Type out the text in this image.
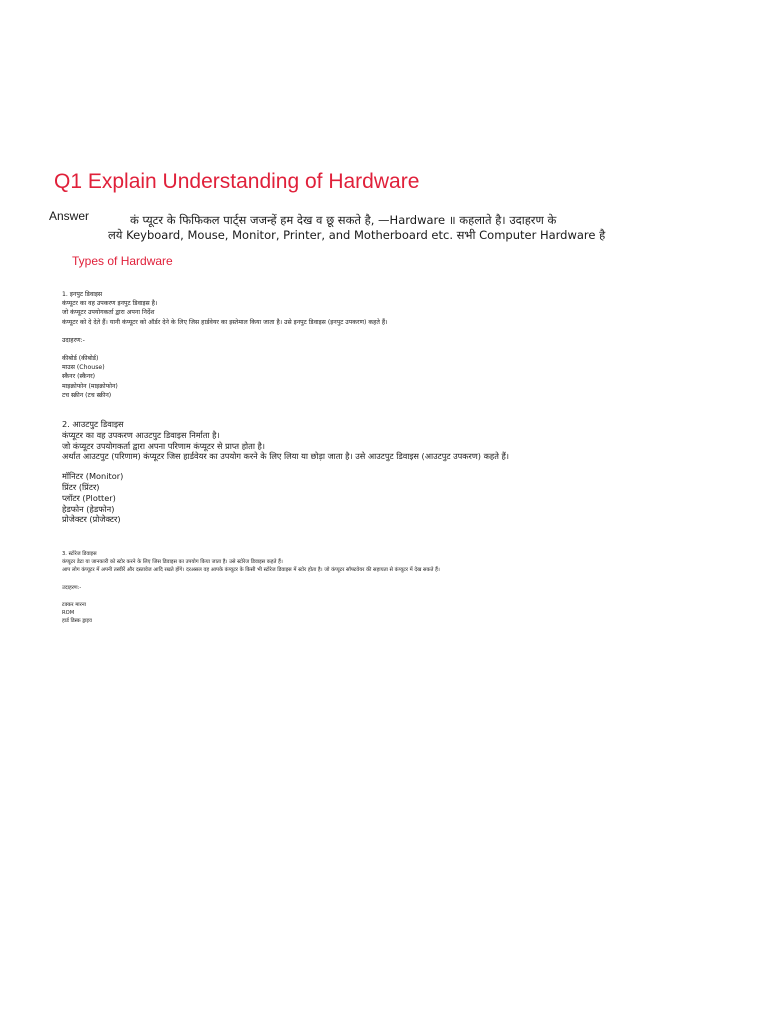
Q1 Explain Understanding of Hardware
Answer	कं प्यूटर के फिफिकल पार्ट्स जजन्हें हम देख व छू सकते है, —Hardware ॥ कहलाते है। उदाहरण के
लये Keyboard, Mouse, Monitor, Printer, and Motherboard etc. सभी Computer Hardware है
Types of Hardware
1. इनपुट डिवाइस
कंप्यूटर का वह उपकरण इनपुट डिवाइस है।
जो कंप्यूटर उपयोगकर्ता द्वारा अपना निर्देश
कंप्यूटर को दे देते हैं। यानी कंप्यूटर को ऑर्डर देने के लिए जिस हार्डवेयर का इस्तेमाल किया जाता है। उसे इनपुट डिवाइस (इनपुट उपकरण) कहते हैं।
उदाहरण:-
कीबोर्ड (कीबोर्ड)
माउस (Chouse)
स्कैनर (स्कैनर)
माइक्रोफोन (माइक्रोफोन)
टच स्क्रीन (टच स्क्रीन)
2. आउटपुट डिवाइस
कंप्यूटर का वह उपकरण आउटपुट डिवाइस निर्माता है।
जो कंप्यूटर उपयोगकर्ता द्वारा अपना परिणाम कंप्यूटर से प्राप्त होता है।
अर्थात आउटपुट (परिणाम) कंप्यूटर जिस हार्डवेयर का उपयोग करने के लिए लिया या छोड़ा जाता है। उसे आउटपुट डिवाइस (आउटपुट उपकरण) कहते हैं।
मॉनिटर (Monitor)
प्रिंटर (प्रिंटर)
प्लॉटर (Plotter)
हेडफोन (हेडफोन)
प्रोजेक्टर (प्रोजेक्टर)
3. स्टोरेज डिवाइस
कंप्यूटर डेटा या जानकारी को स्टोर करने के लिए जिस डिवाइस का उपयोग किया जाता है। उसे स्टोरेज डिवाइस कहते हैं।
आप लोग कंप्यूटर में अपनी तस्वीरें और दस्तावेज आदि रखते होंगे। दरअसल वह आपके कंप्यूटर के किसी भी स्टोरेज डिवाइस में स्टोर होता है। जो कंप्यूटर सॉफ्टवेयर की सहायता से कंप्यूटर में देख सकते हैं।
उदाहरण:-
टक्कर मारना
ROM
हार्ड डिस्क ड्राइव
